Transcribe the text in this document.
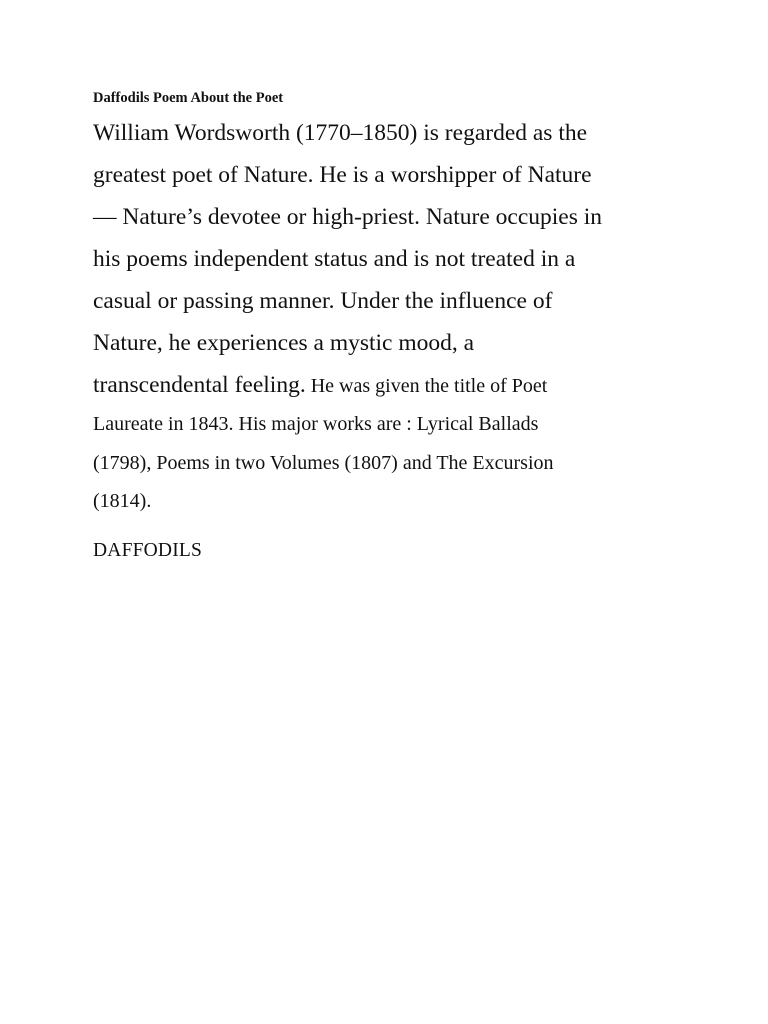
Daffodils Poem About the Poet
William Wordsworth (1770–1850) is regarded as the
greatest poet of Nature. He is a worshipper of Nature
— Nature’s devotee or high-priest. Nature occupies in
his poems independent status and is not treated in a
casual or passing manner. Under the influence of
Nature, he experiences a mystic mood, a
transcendental feeling. He was given the title of Poet
Laureate in 1843. His major works are : Lyrical Ballads
(1798), Poems in two Volumes (1807) and The Excursion
(1814).
DAFFODILS
